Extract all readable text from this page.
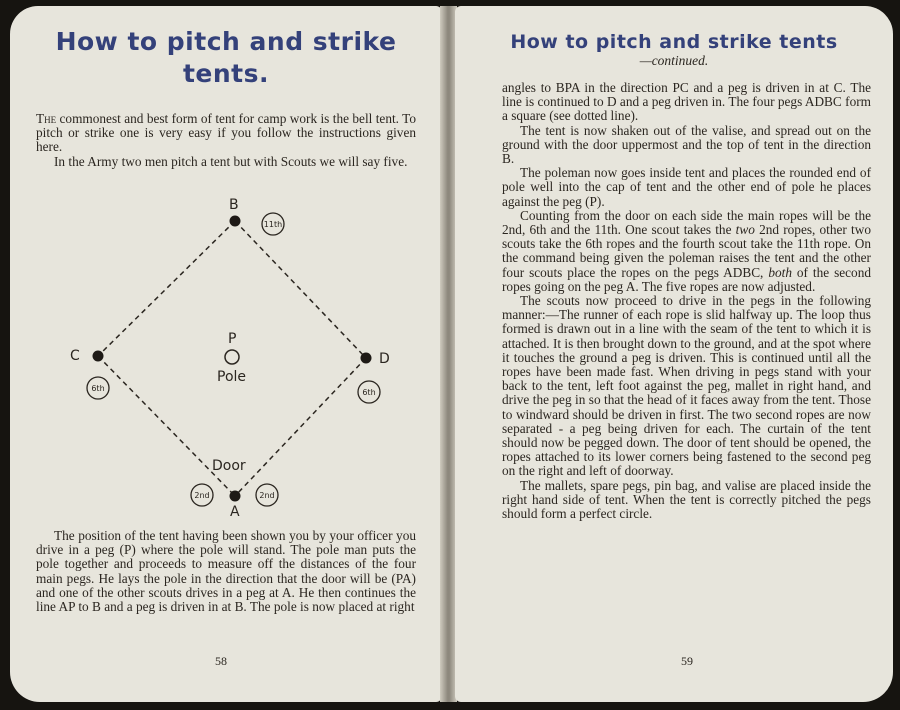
How to pitch and strike
tents.

The commonest and best form of tent for camp work is the bell tent. To pitch or strike one is very easy if you follow the instructions given here.

In the Army two men pitch a tent but with Scouts we will say five.

B
C	D
A
P
Pole
Door
11th
6th	6th
2nd	2nd

The position of the tent having been shown you by your officer you drive in a peg (P) where the pole will stand. The pole man puts the pole together and proceeds to measure off the distances of the four main pegs. He lays the pole in the direction that the door will be (PA) and one of the other scouts drives in a peg at A. He then continues the line AP to B and a peg is driven in at B. The pole is now placed at right

58
How to pitch and strike tents
—continued.

angles to BPA in the direction PC and a peg is driven in at C. The line is continued to D and a peg driven in. The four pegs ADBC form a square (see dotted line).

The tent is now shaken out of the valise, and spread out on the ground with the door uppermost and the top of tent in the direction B.

The poleman now goes inside tent and places the rounded end of pole well into the cap of tent and the other end of pole he places against the peg (P).

Counting from the door on each side the main ropes will be the 2nd, 6th and the 11th. One scout takes the two 2nd ropes, other two scouts take the 6th ropes and the fourth scout take the 11th rope. On the command being given the poleman raises the tent and the other four scouts place the ropes on the pegs ADBC, both of the second ropes going on the peg A. The five ropes are now adjusted.

The scouts now proceed to drive in the pegs in the following manner:—The runner of each rope is slid halfway up. The loop thus formed is drawn out in a line with the seam of the tent to which it is attached. It is then brought down to the ground, and at the spot where it touches the ground a peg is driven. This is continued until all the ropes have been made fast. When driving in pegs stand with your back to the tent, left foot against the peg, mallet in right hand, and drive the peg in so that the head of it faces away from the tent. Those to windward should be driven in first. The two second ropes are now separated - a peg being driven for each. The curtain of the tent should now be pegged down. The door of tent should be opened, the ropes attached to its lower corners being fastened to the second peg on the right and left of doorway.

The mallets, spare pegs, pin bag, and valise are placed inside the right hand side of tent. When the tent is correctly pitched the pegs should form a perfect circle.

59
